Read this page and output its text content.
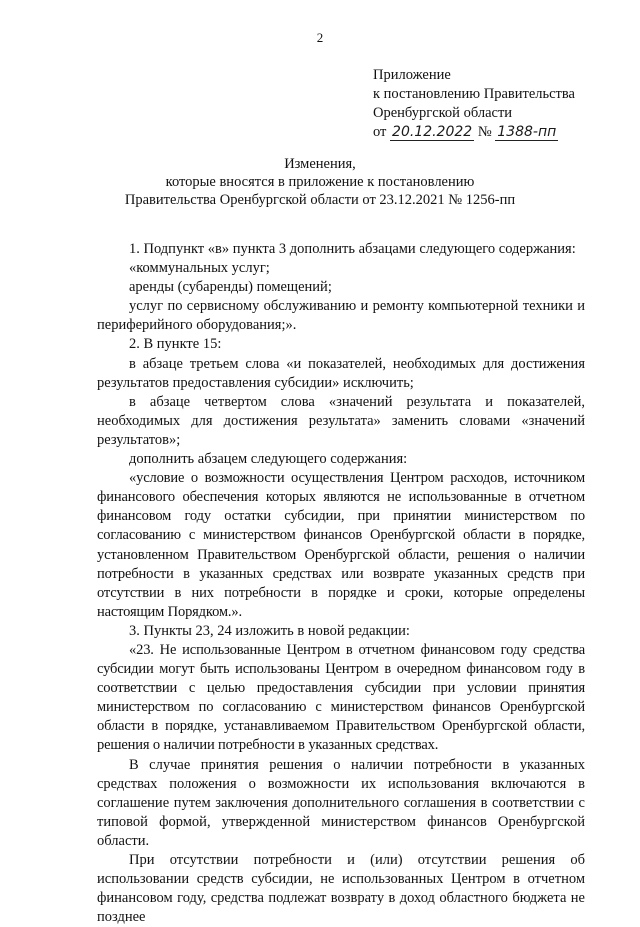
2
Приложение
к постановлению Правительства
Оренбургской области
от 20.12.2022 № 1388-пп
Изменения,
которые вносятся в приложение к постановлению
Правительства Оренбургской области от 23.12.2021 № 1256-пп

1. Подпункт «в» пункта 3 дополнить абзацами следующего содержания:

«коммунальных услуг;

аренды (субаренды) помещений;

услуг по сервисному обслуживанию и ремонту компьютерной техники и периферийного оборудования;».

2. В пункте 15:

в абзаце третьем слова «и показателей, необходимых для достижения результатов предоставления субсидии» исключить;

в абзаце четвертом слова «значений результата и показателей, необходимых для достижения результата» заменить словами «значений результатов»;

дополнить абзацем следующего содержания:

«условие о возможности осуществления Центром расходов, источником финансового обеспечения которых являются не использованные в отчетном финансовом году остатки субсидии, при принятии министерством по согласованию с министерством финансов Оренбургской области в порядке, установленном Правительством Оренбургской области, решения о наличии потребности в указанных средствах или возврате указанных средств при отсутствии в них потребности в порядке и сроки, которые определены настоящим Порядком.».

3. Пункты 23, 24 изложить в новой редакции:

«23. Не использованные Центром в отчетном финансовом году средства субсидии могут быть использованы Центром в очередном финансовом году в соответствии с целью предоставления субсидии при условии принятия министерством по согласованию с министерством финансов Оренбургской области в порядке, устанавливаемом Правительством Оренбургской области, решения о наличии потребности в указанных средствах.

В случае принятия решения о наличии потребности в указанных средствах положения о возможности их использования включаются в соглашение путем заключения дополнительного соглашения в соответствии с типовой формой, утвержденной министерством финансов Оренбургской области.

При отсутствии потребности и (или) отсутствии решения об использовании средств субсидии, не использованных Центром в отчетном финансовом году, средства подлежат возврату в доход областного бюджета не позднее
